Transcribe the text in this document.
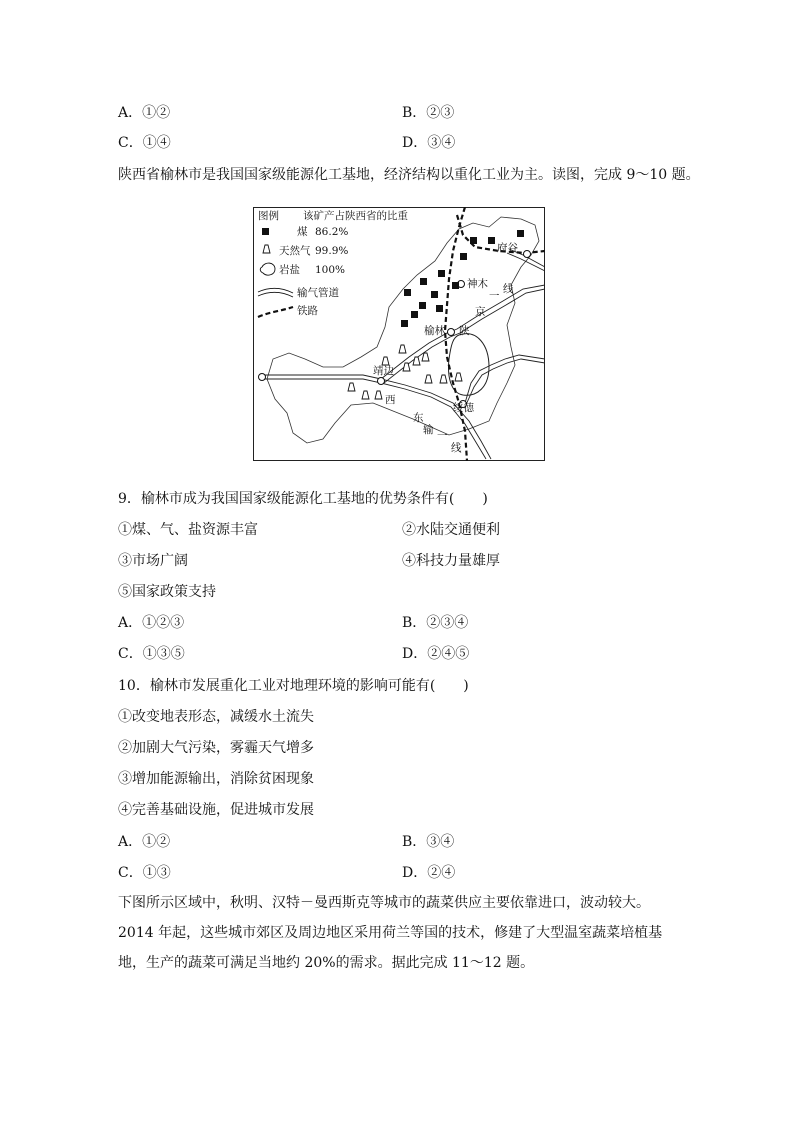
A．①②	B．②③
C．①④	D．③④
陕西省榆林市是我国国家级能源化工基地，经济结构以重化工业为主。读图，完成 9～10 题。
图例 该矿产占陕西省的比重
煤 86.2%
天然气 99.9%
岩盐 100%
输气管道
铁路
府谷
神木
榆林
靖边
绥德
陕
京
一
线
西
东
输 一
线
9．榆林市成为我国国家级能源化工基地的优势条件有(　　)
①煤、气、盐资源丰富	②水陆交通便利
③市场广阔	④科技力量雄厚
⑤国家政策支持
A．①②③	B．②③④
C．①③⑤	D．②④⑤
10．榆林市发展重化工业对地理环境的影响可能有(　　)
①改变地表形态，减缓水土流失
②加剧大气污染，雾霾天气增多
③增加能源输出，消除贫困现象
④完善基础设施，促进城市发展
A．①②	B．③④
C．①③	D．②④
下图所示区域中，秋明、汉特－曼西斯克等城市的蔬菜供应主要依靠进口，波动较大。2014 年起，这些城市郊区及周边地区采用荷兰等国的技术，修建了大型温室蔬菜培植基地，生产的蔬菜可满足当地约 20%的需求。据此完成 11～12 题。
